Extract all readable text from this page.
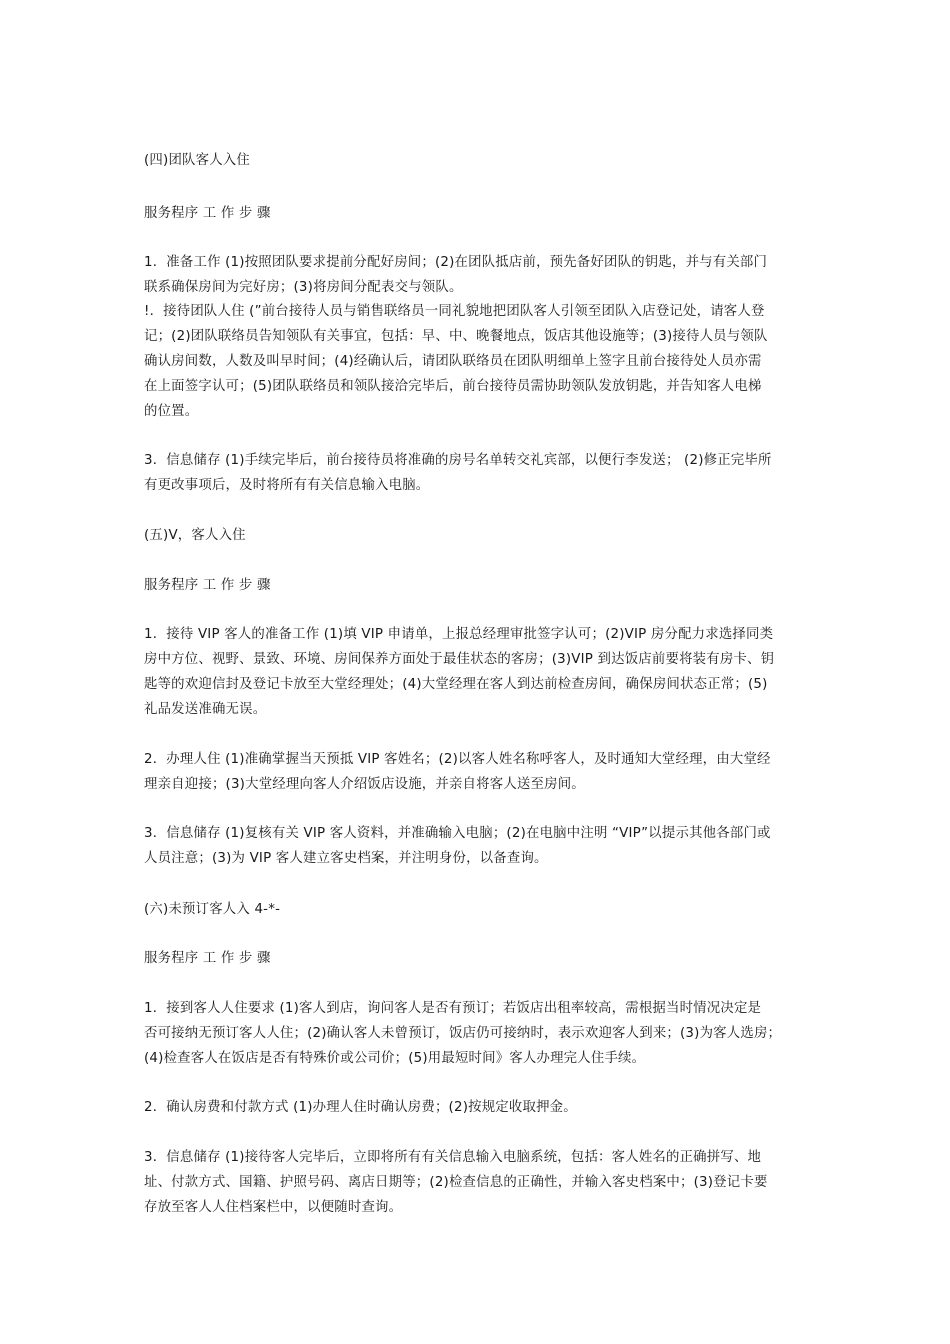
(四)团队客人入住

服务程序 工 作 步 骤

1．准备工作 (1)按照团队要求提前分配好房间；(2)在团队抵店前，预先备好团队的钥匙，并与有关部门
联系确保房间为完好房；(3)将房间分配表交与领队。

!．接待团队人住 (”前台接待人员与销售联络员一同礼貌地把团队客人引领至团队入店登记处，请客人登
记；(2)团队联络员告知领队有关事宜，包括：早、中、晚餐地点，饭店其他设施等；(3)接待人员与领队
确认房间数，人数及叫早时间；(4)经确认后，请团队联络员在团队明细单上签字且前台接待处人员亦需
在上面签字认可；(5)团队联络员和领队接洽完毕后，前台接待员需协助领队发放钥匙，并告知客人电梯
的位置。

3．信息储存 (1)手续完毕后，前台接待员将准确的房号名单转交礼宾部，以便行李发送； (2)修正完毕所
有更改事项后，及时将所有有关信息输入电脑。

(五)V，客人入住

服务程序 工 作 步 骤

1．接待 VIP 客人的准备工作 (1)填 VIP 申请单，上报总经理审批签字认可；(2)VIP 房分配力求选择同类
房中方位、视野、景致、环境、房间保养方面处于最佳状态的客房；(3)VIP 到达饭店前要将装有房卡、钥
匙等的欢迎信封及登记卡放至大堂经理处；(4)大堂经理在客人到达前检查房间，确保房间状态正常；(5)
礼品发送准确无误。

2．办理人住 (1)准确掌握当天预抵 VIP 客姓名；(2)以客人姓名称呼客人，及时通知大堂经理，由大堂经
理亲自迎接；(3)大堂经理向客人介绍饭店设施，并亲自将客人送至房间。

3．信息储存 (1)复核有关 VIP 客人资料，并准确输入电脑；(2)在电脑中注明 “VIP”以提示其他各部门或
人员注意；(3)为 VIP 客人建立客史档案，并注明身份，以备查询。

(六)未预订客人入 4-*-

服务程序 工 作 步 骤

1．接到客人人住要求 (1)客人到店，询问客人是否有预订；若饭店出租率较高，需根据当时情况决定是
否可接纳无预订客人人住；(2)确认客人未曾预订，饭店仍可接纳时，表示欢迎客人到来；(3)为客人选房；
(4)检查客人在饭店是否有特殊价或公司价；(5)用最短时间》客人办理完人住手续。

2．确认房费和付款方式 (1)办理人住时确认房费；(2)按规定收取押金。

3．信息储存 (1)接待客人完毕后，立即将所有有关信息输入电脑系统，包括：客人姓名的正确拼写、地
址、付款方式、国籍、护照号码、离店日期等；(2)检查信息的正确性，并输入客史档案中；(3)登记卡要
存放至客人人住档案栏中，以便随时查询。
